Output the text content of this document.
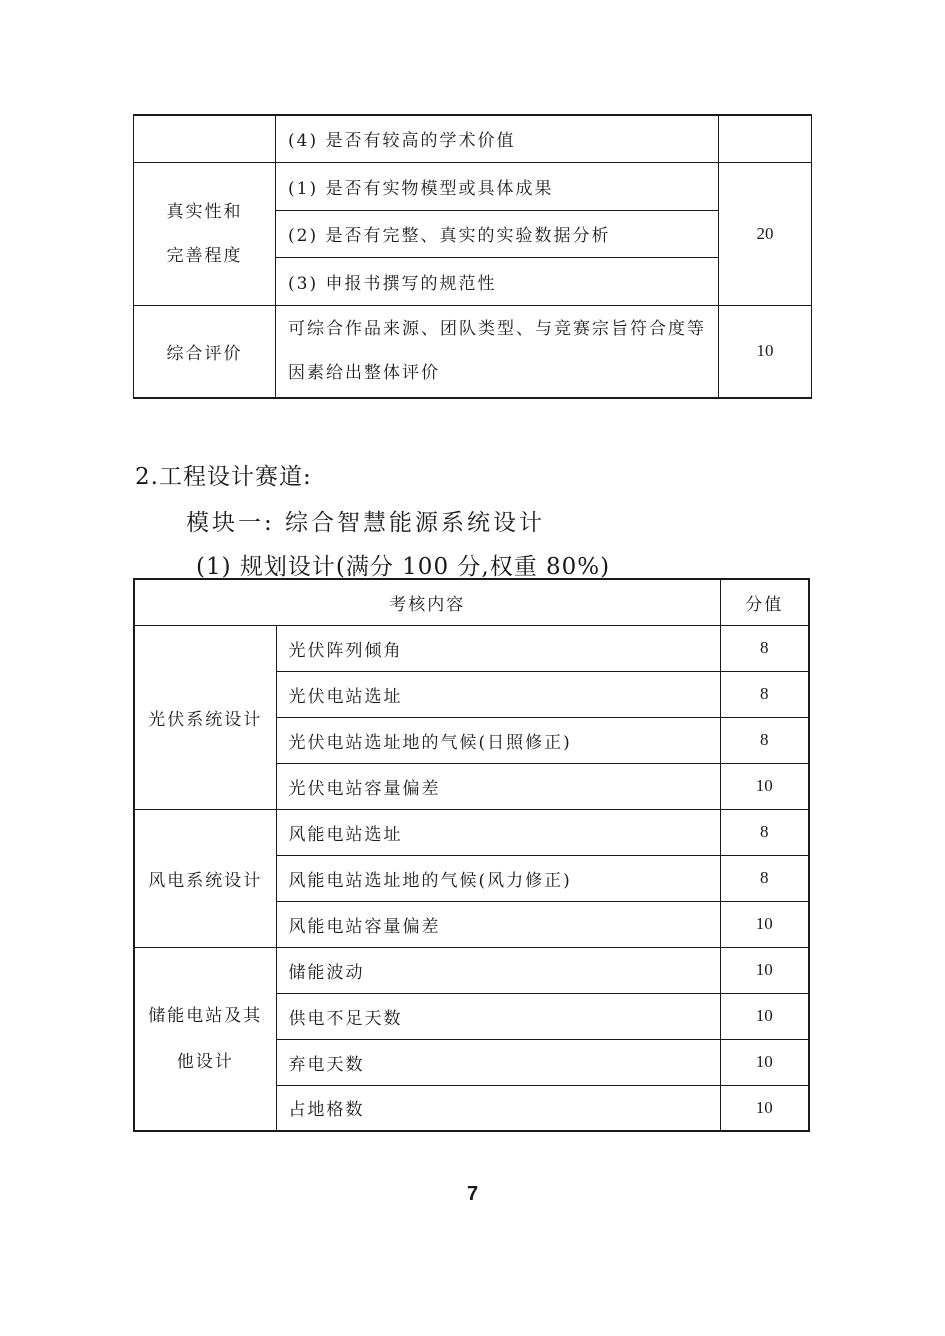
	(4) 是否有较高的学术价值	

真实性和完善程度	(1) 是否有实物模型或具体成果	20
	(2) 是否有完整、真实的实验数据分析	
	(3) 申报书撰写的规范性	
综合评价	可综合作品来源、团队类型、与竞赛宗旨符合度等因素给出整体评价	10
2.工程设计赛道:
模块一: 综合智慧能源系统设计
(1) 规划设计(满分 100 分,权重 80%)
考核内容		分值
光伏系统设计	光伏阵列倾角	8
	光伏电站选址	8
	光伏电站选址地的气候(日照修正)	8
	光伏电站容量偏差	10
风电系统设计	风能电站选址	8
	风能电站选址地的气候(风力修正)	8
	风能电站容量偏差	10

储能电站及其他设计	储能波动	10
	供电不足天数	10
	弃电天数	10
	占地格数	10
7
